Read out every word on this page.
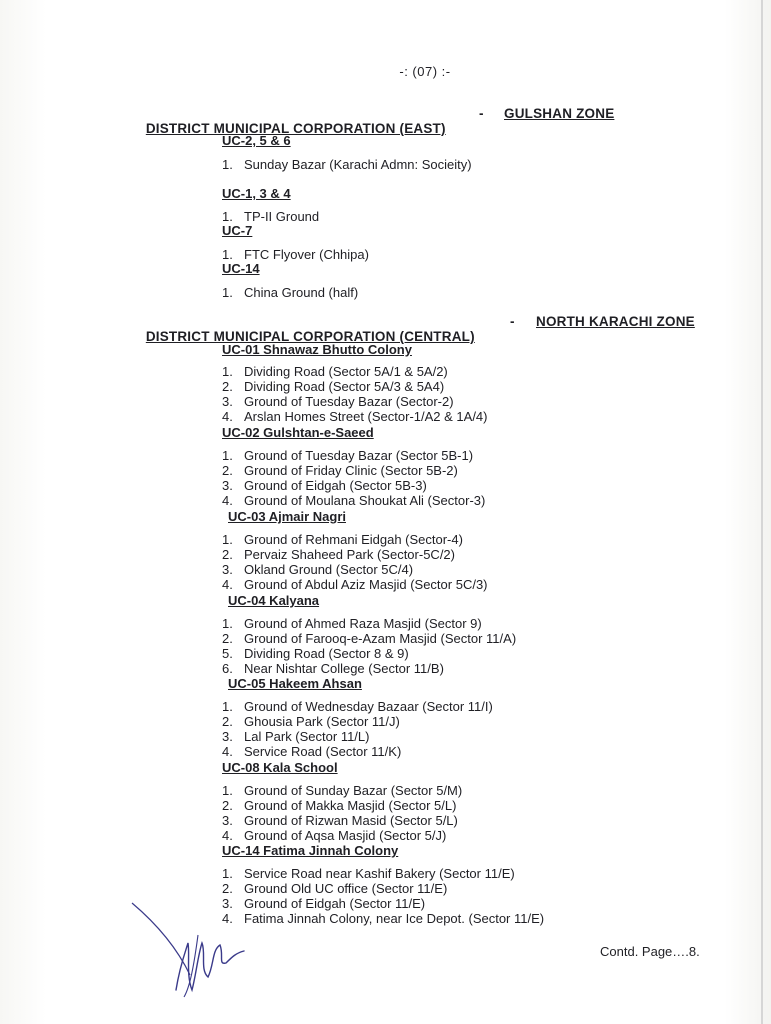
-: (07) :-

DISTRICT MUNICIPAL CORPORATION (EAST)

-

GULSHAN ZONE

UC-2, 5 & 6
1. Sunday Bazar (Karachi Admn: Socieity)
UC-1, 3 & 4
1. TP-II Ground
UC-7
1. FTC Flyover (Chhipa)
UC-14
1. China Ground (half)

DISTRICT MUNICIPAL CORPORATION (CENTRAL)

-

NORTH KARACHI ZONE

UC-01 Shnawaz Bhutto Colony
1. Dividing Road (Sector 5A/1 & 5A/2)
2. Dividing Road (Sector 5A/3 & 5A4)
3. Ground of Tuesday Bazar (Sector-2)
4. Arslan Homes Street (Sector-1/A2 & 1A/4)
UC-02 Gulshtan-e-Saeed
1. Ground of Tuesday Bazar (Sector 5B-1)
2. Ground of Friday Clinic (Sector 5B-2)
3. Ground of Eidgah (Sector 5B-3)
4. Ground of Moulana Shoukat Ali (Sector-3)
UC-03 Ajmair Nagri
1. Ground of Rehmani Eidgah (Sector-4)
2. Pervaiz Shaheed Park (Sector-5C/2)
3. Okland Ground (Sector 5C/4)
4. Ground of Abdul Aziz Masjid (Sector 5C/3)
UC-04 Kalyana
1. Ground of Ahmed Raza Masjid (Sector 9)
2. Ground of Farooq-e-Azam Masjid (Sector 11/A)
5. Dividing Road (Sector 8 & 9)
6. Near Nishtar College (Sector 11/B)
UC-05 Hakeem Ahsan
1. Ground of Wednesday Bazaar (Sector 11/I)
2. Ghousia Park (Sector 11/J)
3. Lal Park (Sector 11/L)
4. Service Road (Sector 11/K)
UC-08 Kala School
1. Ground of Sunday Bazar (Sector 5/M)
2. Ground of Makka Masjid (Sector 5/L)
3. Ground of Rizwan Masid (Sector 5/L)
4. Ground of Aqsa Masjid (Sector 5/J)
UC-14 Fatima Jinnah Colony
1. Service Road near Kashif Bakery (Sector 11/E)
2. Ground Old UC office (Sector 11/E)
3. Ground of Eidgah (Sector 11/E)
4. Fatima Jinnah Colony, near Ice Depot. (Sector 11/E)
Contd. Page….8.
